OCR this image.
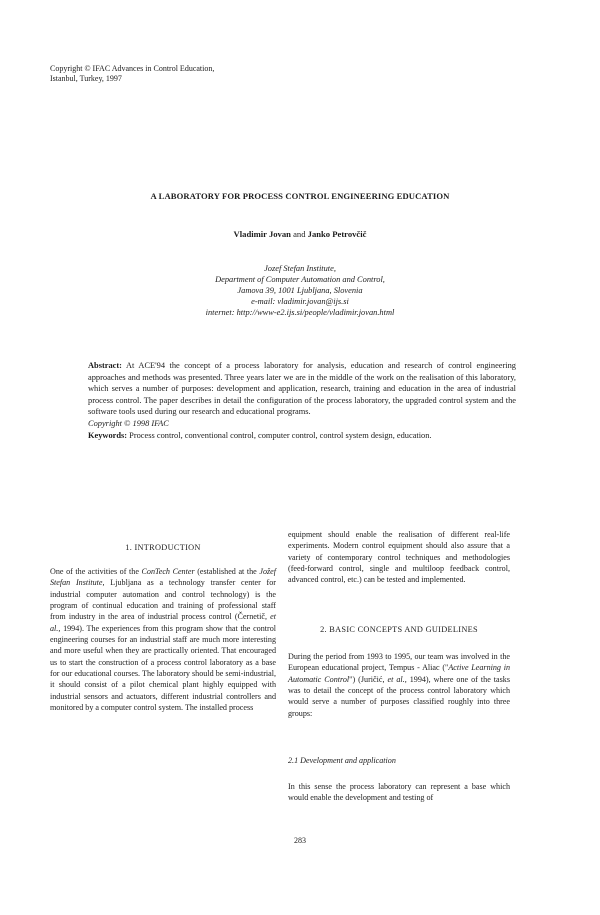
Copyright © IFAC Advances in Control Education,
Istanbul, Turkey, 1997
A LABORATORY FOR PROCESS CONTROL ENGINEERING EDUCATION
Vladimir Jovan and Janko Petrovčič
Jozef Stefan Institute,
Department of Computer Automation and Control,
Jamova 39, 1001 Ljubljana, Slovenia
e-mail: vladimir.jovan@ijs.si
internet: http://www-e2.ijs.si/people/vladimir.jovan.html
Abstract: At ACE'94 the concept of a process laboratory for analysis, education and research of control engineering approaches and methods was presented. Three years later we are in the middle of the work on the realisation of this laboratory, which serves a number of purposes: development and application, research, training and education in the area of industrial process control. The paper describes in detail the configuration of the process laboratory, the upgraded control system and the software tools used during our research and educational programs.
Copyright © 1998 IFAC
Keywords: Process control, conventional control, computer control, control system design, education.
1. INTRODUCTION
One of the activities of the ConTech Center (established at the Jožef Stefan Institute, Ljubljana as a technology transfer center for industrial computer automation and control technology) is the program of continual education and training of professional staff from industry in the area of industrial process control (Černetič, et al., 1994). The experiences from this program show that the control engineering courses for an industrial staff are much more interesting and more useful when they are practically oriented. That encouraged us to start the construction of a process control laboratory as a base for our educational courses. The laboratory should be semi-industrial, it should consist of a pilot chemical plant highly equipped with industrial sensors and actuators, different industrial controllers and monitored by a computer control system. The installed process
equipment should enable the realisation of different real-life experiments. Modern control equipment should also assure that a variety of contemporary control techniques and methodologies (feed-forward control, single and multiloop feedback control, advanced control, etc.) can be tested and implemented.
2. BASIC CONCEPTS AND GUIDELINES
During the period from 1993 to 1995, our team was involved in the European educational project, Tempus - Aliac ("Active Learning in Automatic Control") (Juričić, et al., 1994), where one of the tasks was to detail the concept of the process control laboratory which would serve a number of purposes classified roughly into three groups:
2.1 Development and application
In this sense the process laboratory can represent a base which would enable the development and testing of
283
